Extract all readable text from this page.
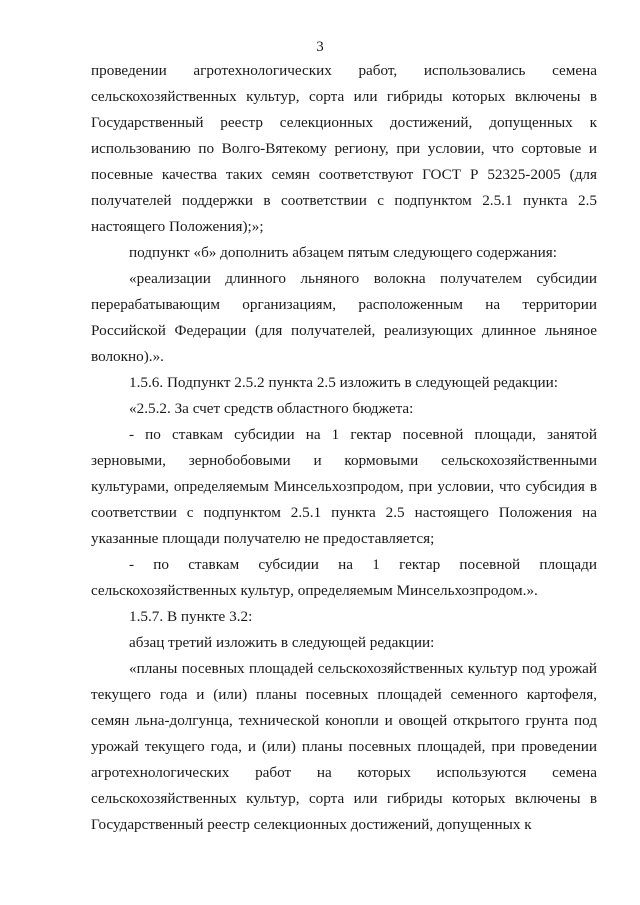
3

проведении агротехнологических работ, использовались семена сельскохозяйственных культур, сорта или гибриды которых включены в Государственный реестр селекционных достижений, допущенных к использованию по Волго-Вятекому региону, при условии, что сортовые и посевные качества таких семян соответствуют ГОСТ Р 52325-2005 (для получателей поддержки в соответствии с подпунктом 2.5.1 пункта 2.5 настоящего Положения);»;

подпункт «б» дополнить абзацем пятым следующего содержания:

«реализации длинного льняного волокна получателем субсидии перерабатывающим организациям, расположенным на территории Российской Федерации (для получателей, реализующих длинное льняное волокно).».

1.5.6. Подпункт 2.5.2 пункта 2.5 изложить в следующей редакции:

«2.5.2. За счет средств областного бюджета:

- по ставкам субсидии на 1 гектар посевной площади, занятой зерновыми, зернобобовыми и кормовыми сельскохозяйственными культурами, определяемым Минсельхозпродом, при условии, что субсидия в соответствии с подпунктом 2.5.1 пункта 2.5 настоящего Положения на указанные площади получателю не предоставляется;

- по ставкам субсидии на 1 гектар посевной площади сельскохозяйственных культур, определяемым Минсельхозпродом.».

1.5.7. В пункте 3.2:

абзац третий изложить в следующей редакции:

«планы посевных площадей сельскохозяйственных культур под урожай текущего года и (или) планы посевных площадей семенного картофеля, семян льна-долгунца, технической конопли и овощей открытого грунта под урожай текущего года, и (или) планы посевных площадей, при проведении агротехнологических работ на которых используются семена сельскохозяйственных культур, сорта или гибриды которых включены в Государственный реестр селекционных достижений, допущенных к
